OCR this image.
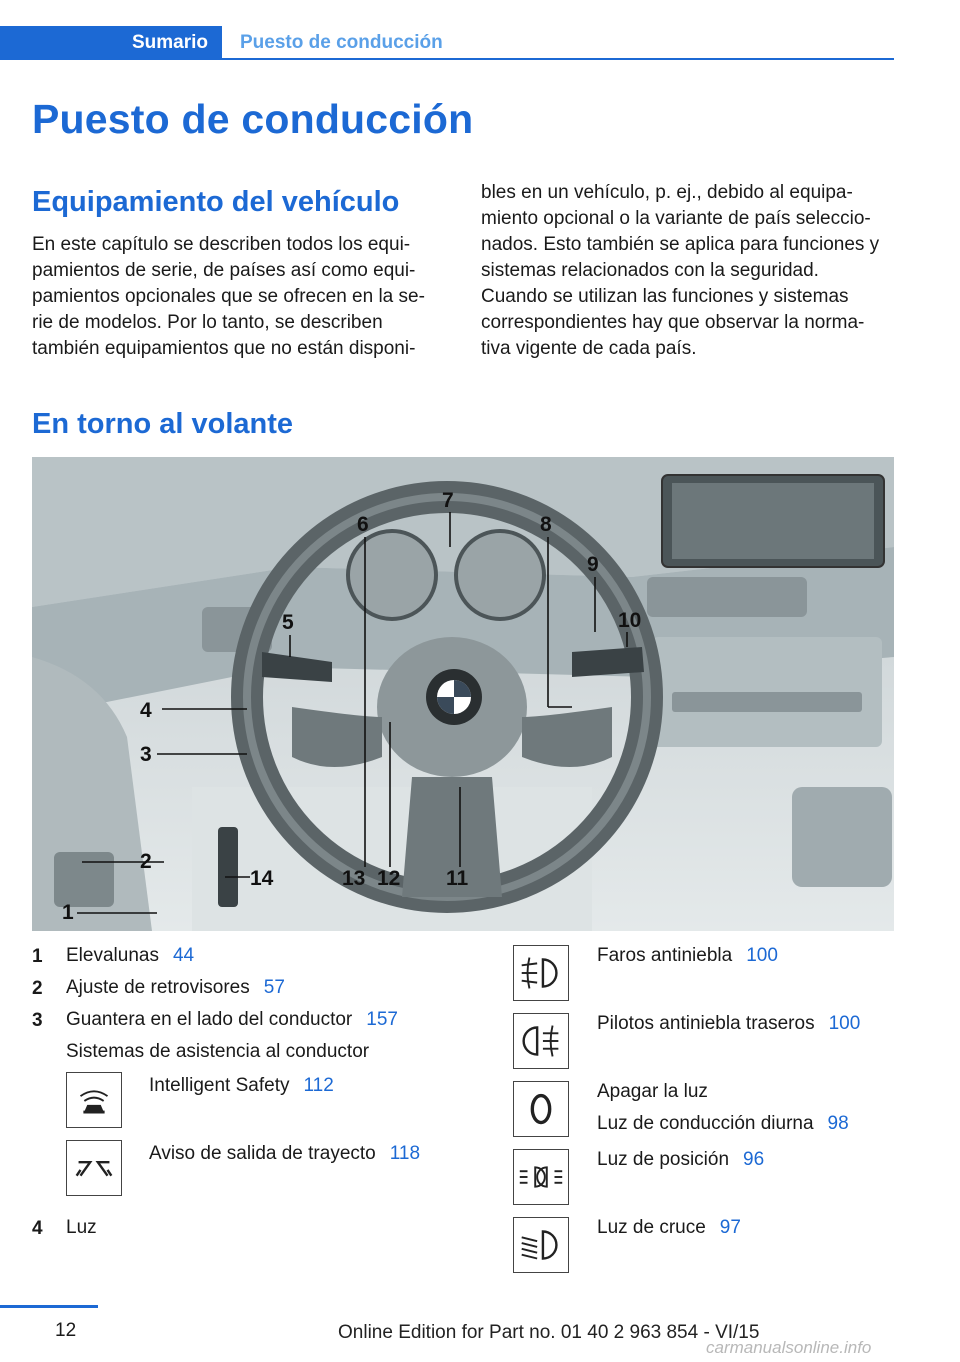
Sumario	Puesto de conducción
Puesto de conducción
Equipamiento del vehículo
En este capítulo se describen todos los equi-
pamientos de serie, de países así como equi-
pamientos opcionales que se ofrecen en la se-
rie de modelos. Por lo tanto, se describen
también equipamientos que no están disponi-
bles en un vehículo, p. ej., debido al equipa-
miento opcional o la variante de país seleccio-
nados. Esto también se aplica para funciones y
sistemas relacionados con la seguridad.
Cuando se utilizan las funciones y sistemas
correspondientes hay que observar la norma-
tiva vigente de cada país.
En torno al volante
1
2
3
4
5
6
7
8
9
10
11
12
13
14
1 Elevalunas 44
2 Ajuste de retrovisores 57
3 Guantera en el lado del conductor 157
Sistemas de asistencia al conductor
Intelligent Safety 112
Aviso de salida de trayecto 118
4 Luz
Faros antiniebla 100
Pilotos antiniebla traseros 100
Apagar la luz
Luz de conducción diurna 98
Luz de posición 96
Luz de cruce 97
12	Online Edition for Part no. 01 40 2 963 854 - VI/15
carmanualsonline.info
